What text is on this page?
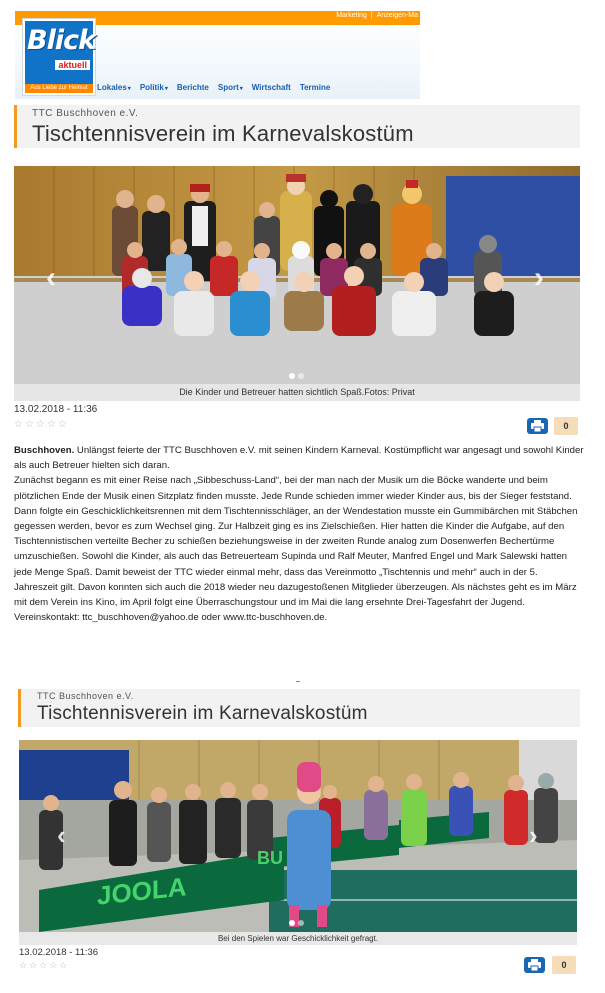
Marketing | Anzeigen-Ma
Blick
aktuell
Aus Liebe zur Heimat	Lokales▾	Politik▾	Berichte	Sport▾	Wirtschaft	Termine
TTC Buschhoven e.V.
Tischtennisverein im Karnevalskostüm
‹	›
Die Kinder und Betreuer hatten sichtlich Spaß.Fotos: Privat
13.02.2018 - 11:36
☆☆☆☆☆	0

Buschhoven. Unlängst feierte der TTC Buschhoven e.V. mit seinen Kindern Karneval. Kostümpflicht war angesagt und sowohl Kinder als auch Betreuer hielten sich daran.

Zunächst begann es mit einer Reise nach „Sibbeschuss-Land“, bei der man nach der Musik um die Böcke wanderte und beim plötzlichen Ende der Musik einen Sitzplatz finden musste. Jede Runde schieden immer wieder Kinder aus, bis der Sieger feststand. Dann folgte ein Geschicklichkeitsrennen mit dem Tischtennisschläger, an der Wendestation musste ein Gummibärchen mit Stäbchen gegessen werden, bevor es zum Wechsel ging. Zur Halbzeit ging es ins Zielschießen. Hier hatten die Kinder die Aufgabe, auf den Tischtennistischen verteilte Becher zu schießen beziehungsweise in der zweiten Runde analog zum Dosenwerfen Bechertürme umzuschießen. Sowohl die Kinder, als auch das Betreuerteam Supinda und Ralf Meuter, Manfred Engel und Mark Salewski hatten jede Menge Spaß. Damit beweist der TTC wieder einmal mehr, dass das Vereinmotto „Tischtennis und mehr“ auch in der 5. Jahreszeit gilt. Davon konnten sich auch die 2018 wieder neu dazugestoßenen Mitglieder überzeugen. Als nächstes geht es im März mit dem Verein ins Kino, im April folgt eine Überraschungstour und im Mai die lang ersehnte Drei-Tagesfahrt der Jugend. Vereinskontakt: ttc_buschhoven@yahoo.de oder www.ttc-buschhoven.de.

TTC Buschhoven e.V.
Tischtennisverein im Karnevalskostüm
JOOLA
BU
‹	›
Bei den Spielen war Geschicklichkeit gefragt.
13.02.2018 - 11:36
☆☆☆☆☆	0
